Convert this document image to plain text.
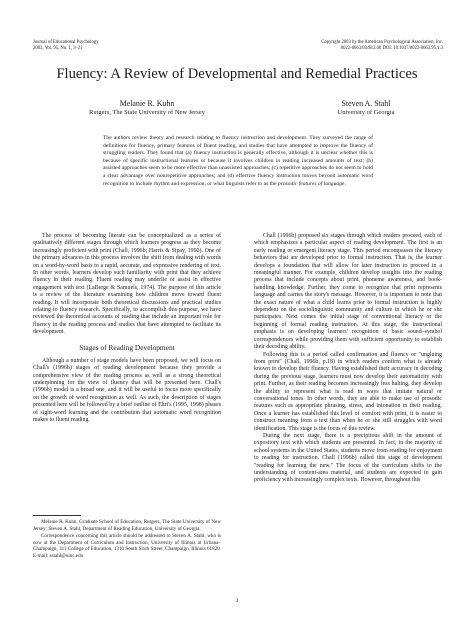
Journal of Educational Psychology
2003, Vol. 95, No. 1, 3–21
Copyright 2003 by the American Psychological Association, Inc.
0022-0663/03/$12.00 DOI: 10.1037/0022-0663.95.1.3
Fluency: A Review of Developmental and Remedial Practices
Melanie R. Kuhn
Rutgers, The State University of New Jersey
Steven A. Stahl
University of Georgia

The authors review theory and research relating to fluency instruction and development. They surveyed the range of definitions for fluency, primary features of fluent reading, and studies that have attempted to improve the fluency of struggling readers. They found that (a) fluency instruction is generally effective, although it is unclear whether this is because of specific instructional features or because it involves children in reading increased amounts of text; (b) assisted approaches seem to be more effective than unassisted approaches; (c) repetitive approaches do not seem to hold a clear advantage over nonrepetitive approaches; and (d) effective fluency instruction moves beyond automatic word recognition to include rhythm and expression, or what linguists refer to as the prosodic features of language.

The process of becoming literate can be conceptualized as a series of qualitatively different stages through which learners progress as they become increasingly proficient with print (Chall, 1996b; Harris & Sipay, 1990). One of the primary advances in this process involves the shift from dealing with words on a word-by-word basis to a rapid, accurate, and expressive rendering of text. In other words, learners develop such familiarity with print that they achieve fluency in their reading. Fluent reading may underlie or assist in effective engagement with text (LaBerge & Samuels, 1974). The purpose of this article is a review of the literature examining how children move toward fluent reading. It will incorporate both theoretical discussions and practical studies relating to fluency research. Specifically, to accomplish this purpose, we have reviewed the theoretical accounts of reading that include an important role for fluency in the reading process and studies that have attempted to facilitate its development.

Stages of Reading Development

Although a number of stage models have been proposed, we will focus on Chall's (1996b) stages of reading development because they provide a comprehensive view of the reading process as well as a strong theoretical underpinning for the view of fluency that will be presented here. Chall's (1996b) model is a broad one, and it will be useful to focus more specifically on the growth of word recognition as well. As such, the description of stages presented here will be followed by a brief outline of Ehri's (1995, 1998) phases of sight-word learning and the contribution that automatic word recognition makes to fluent reading.

Melanie R. Kuhn, Graduate School of Education, Rutgers, The State University of New Jersey; Steven A. Stahl, Department of Reading Education, University of Georgia.

Correspondence concerning this article should be addressed to Steven A. Stahl, who is now at the Department of Curriculum and Instruction, University of Illinois at Urbana–Champaign, 311 College of Education, 1310 South Sixth Street, Champaign, Illinois 61820. E-mail: sstahl@uiuc.edu

Chall (1996b) proposed six stages through which readers proceed, each of which emphasizes a particular aspect of reading development. The first is an early reading or emergent literacy stage. This period encompasses the literacy behaviors that are developed prior to formal instruction. That is, the learner develops a foundation that will allow for later instruction to proceed in a meaningful manner. For example, children develop insights into the reading process that include concepts about print, phoneme awareness, and book-handling knowledge. Further, they come to recognize that print represents language and carries the story's message. However, it is important to note that the exact nature of what a child learns prior to formal instruction is highly dependent on the sociolinguistic community and culture in which he or she participates. Next comes the initial stage of conventional literacy or the beginning of formal reading instruction. At this stage, the instructional emphasis is on developing learners' recognition of basic sound–symbol correspondences while providing them with sufficient opportunity to establish their decoding ability.

Following this is a period called confirmation and fluency or "ungluing from print" (Chall, 1996b, p.18) in which readers confirm what is already known to develop their fluency. Having established their accuracy in decoding during the previous stage, learners must now develop their automaticity with print. Further, as their reading becomes increasingly less halting, they develop the ability to represent what is read in ways that imitate natural or conversational tones. In other words, they are able to make use of prosodic features such as appropriate phrasing, stress, and intonation in their reading. Once a learner has established this level of comfort with print, it is easier to construct meaning from a text than when he or she still struggles with word identification. This stage is the focus of this review.

During the next stage, there is a precipitous shift in the amount of expository text with which students are presented. In fact, in the majority of school systems in the United States, students move from reading for enjoyment to reading for instruction. Chall (1996b) called this stage of development "reading for learning the new." The focus of the curriculum shifts to the understanding of content-area material, and students are expected to gain proficiency with increasingly complex texts. However, throughout this

3
